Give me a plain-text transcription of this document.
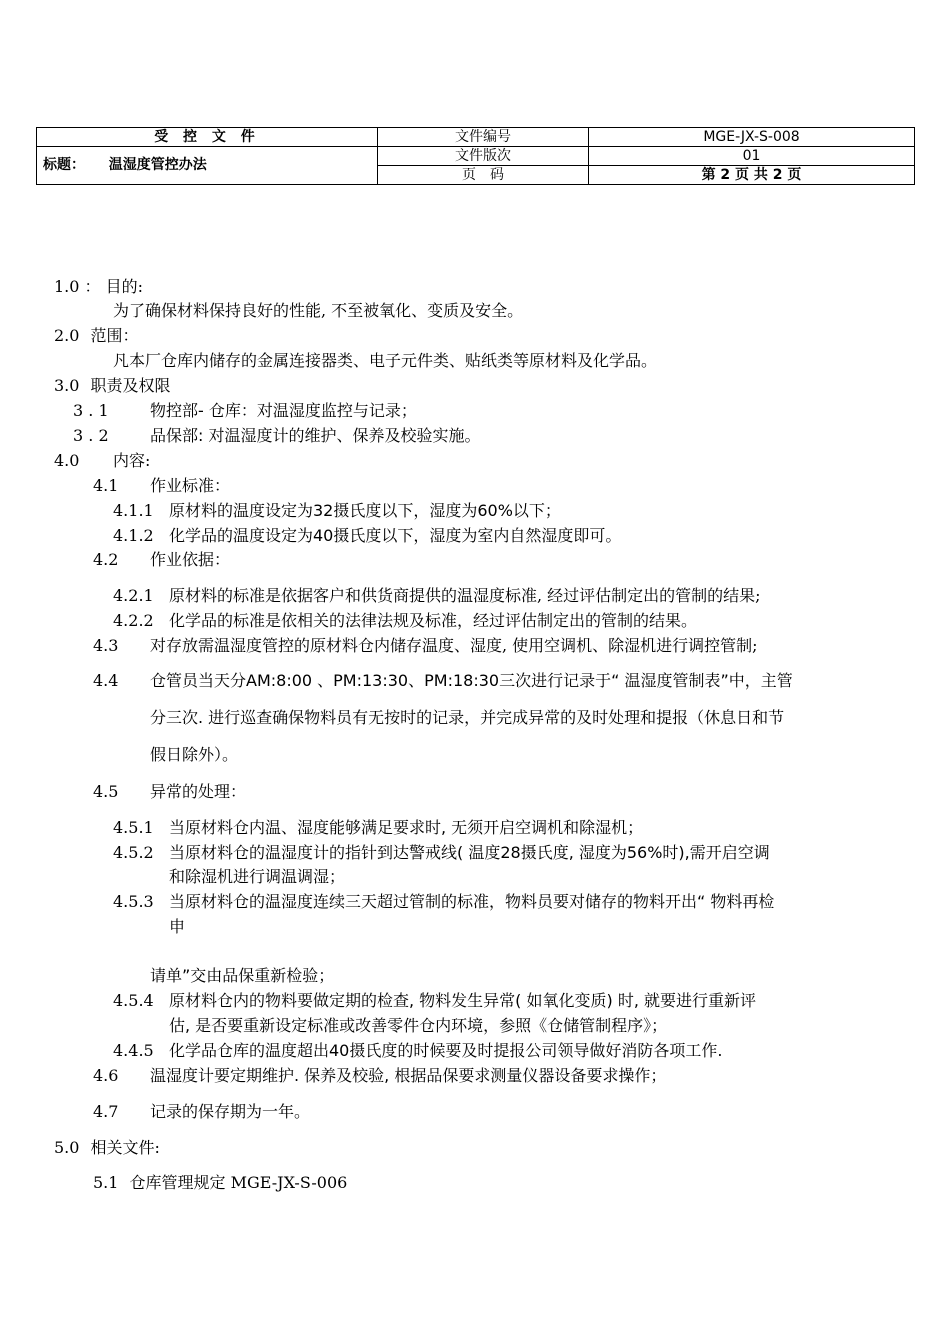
受 控 文 件	文件编号	MGE-JX-S-008
标题： 温湿度管控办法	文件版次	01
	页　码	第 2 页 共 2 页
1.0 ： 目的:
为了确保材料保持良好的性能, 不至被氧化、变质及安全。
2.0 范围：
凡本厂仓库内储存的金属连接器类、电子元件类、贴纸类等原材料及化学品。
3.0 职责及权限
3 . 1	物控部- 仓库：对温湿度监控与记录；
3 . 2	品保部: 对温湿度计的维护、保养及校验实施。
4.0 内容:
4.1 作业标准：
4.1.1 原材料的温度设定为32摄氏度以下，湿度为60%以下；
4.1.2 化学品的温度设定为40摄氏度以下，湿度为室内自然湿度即可。
4.2 作业依据：
4.2.1 原材料的标准是依据客户和供货商提供的温湿度标准, 经过评估制定出的管制的结果;
4.2.2 化学品的标准是依相关的法律法规及标准，经过评估制定出的管制的结果。
4.3 对存放需温湿度管控的原材料仓内储存温度、湿度, 使用空调机、除湿机进行调控管制;
4.4 仓管员当天分AM:8:00 、PM:13:30、PM:18:30三次进行记录于“ 温湿度管制表”中，主管
分三次. 进行巡查确保物料员有无按时的记录，并完成异常的及时处理和提报（休息日和节
假日除外）。
4.5 异常的处理：
4.5.1 当原材料仓内温、湿度能够满足要求时, 无须开启空调机和除湿机；
4.5.2 当原材料仓的温湿度计的指针到达警戒线( 温度28摄氏度, 湿度为56%时),需开启空调
和除湿机进行调温调湿；
4.5.3 当原材料仓的温湿度连续三天超过管制的标准，物料员要对储存的物料开出“ 物料再检
申
请单”交由品保重新检验；
4.5.4 原材料仓内的物料要做定期的检查, 物料发生异常( 如氧化变质) 时, 就要进行重新评
估, 是否要重新设定标准或改善零件仓内环境，参照《仓储管制程序》；
4.4.5 化学品仓库的温度超出40摄氏度的时候要及时提报公司领导做好消防各项工作.
4.6 温湿度计要定期维护. 保养及校验, 根据品保要求测量仪器设备要求操作；
4.7 记录的保存期为一年。
5.0 相关文件:
5.1 仓库管理规定 MGE-JX-S-006
